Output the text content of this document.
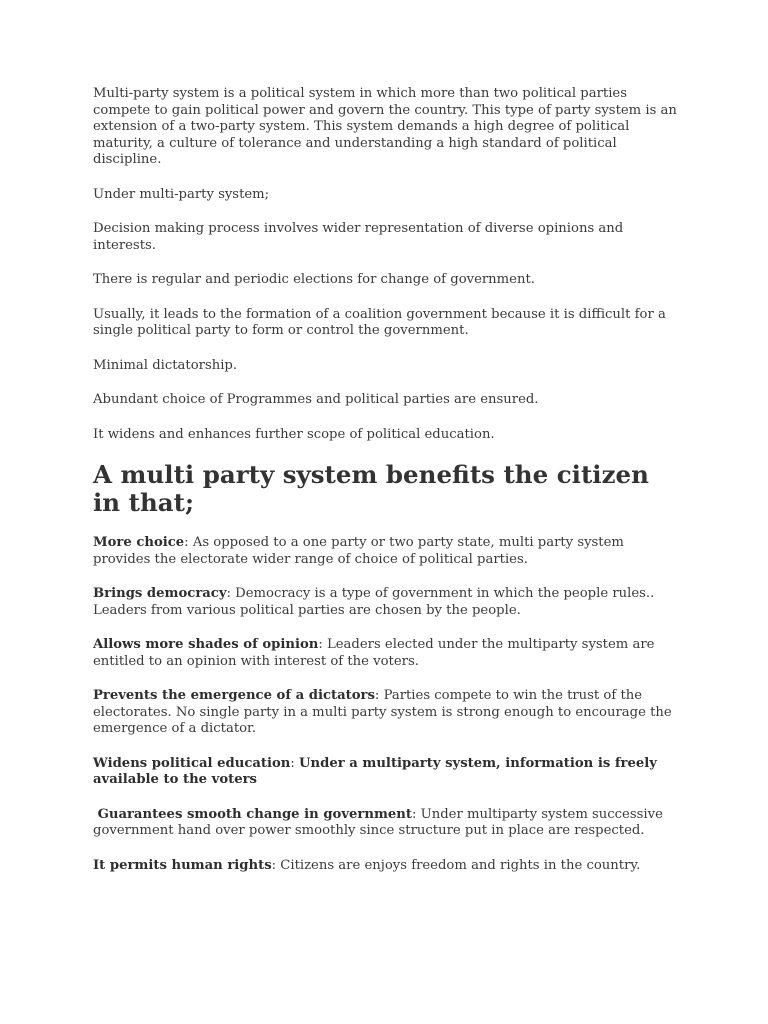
Multi-party system is a political system in which more than two political parties compete to gain political power and govern the country. This type of party system is an extension of a two-party system. This system demands a high degree of political maturity, a culture of tolerance and understanding a high standard of political discipline.

Under multi-party system;

Decision making process involves wider representation of diverse opinions and interests.

There is regular and periodic elections for change of government.

Usually, it leads to the formation of a coalition government because it is difficult for a single political party to form or control the government.

Minimal dictatorship.

Abundant choice of Programmes and political parties are ensured.

It widens and enhances further scope of political education.

A multi party system benefits the citizen in that;

More choice: As opposed to a one party or two party state, multi party system provides the electorate wider range of choice of political parties.

Brings democracy: Democracy is a type of government in which the people rules.. Leaders from various political parties are chosen by the people.

Allows more shades of opinion: Leaders elected under the multiparty system are entitled to an opinion with interest of the voters.

Prevents the emergence of a dictators: Parties compete to win the trust of the electorates. No single party in a multi party system is strong enough to encourage the emergence of a dictator.

Widens political education: Under a multiparty system, information is freely available to the voters

Guarantees smooth change in government: Under multiparty system successive government hand over power smoothly since structure put in place are respected.

It permits human rights: Citizens are enjoys freedom and rights in the country.
